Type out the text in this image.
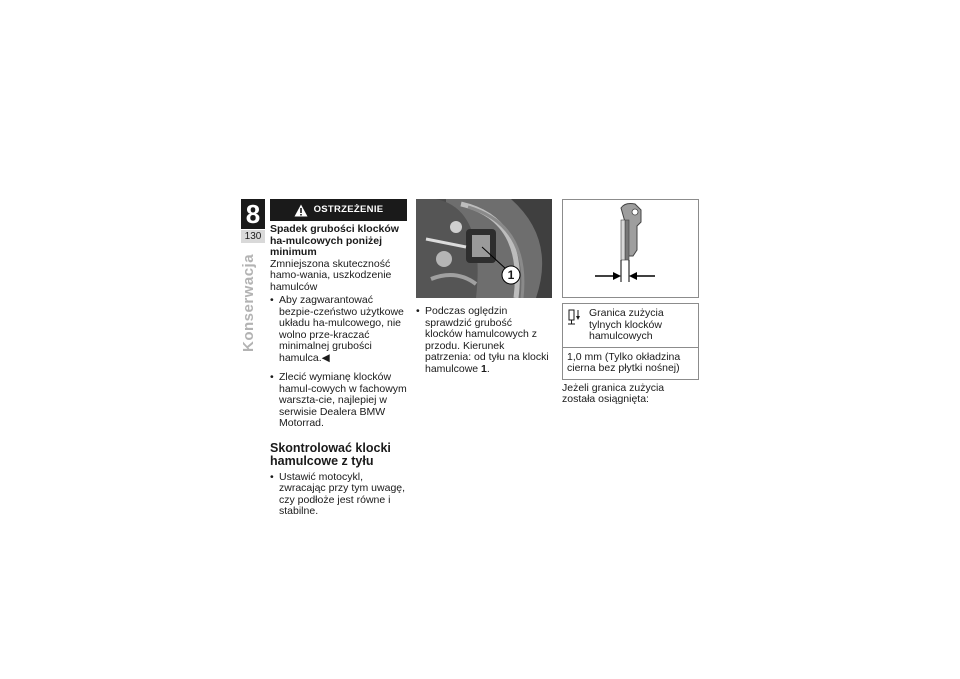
8
130
Konserwacja
OSTRZEŻENIE
Spadek grubości klocków ha-mulcowych poniżej minimum
Zmniejszona skuteczność hamo-wania, uszkodzenie hamulców
• Aby zagwarantować bezpie-czeństwo użytkowe układu ha-mulcowego, nie wolno prze-kraczać minimalnej grubości hamulca.◀
• Zlecić wymianę klocków hamul-cowych w fachowym warszta-cie, najlepiej w serwisie Dealera BMW Motorrad.
Skontrolować klocki hamulcowe z tyłu
• Ustawić motocykl, zwracając przy tym uwagę, czy podłoże jest równe i stabilne.
1
• Podczas oględzin sprawdzić grubość klocków hamulcowych z przodu. Kierunek patrzenia: od tyłu na klocki hamulcowe 1.
Granica zużycia tylnych klocków hamulcowych
1,0 mm (Tylko okładzina cierna bez płytki nośnej)
Jeżeli granica zużycia została osiągnięta:
